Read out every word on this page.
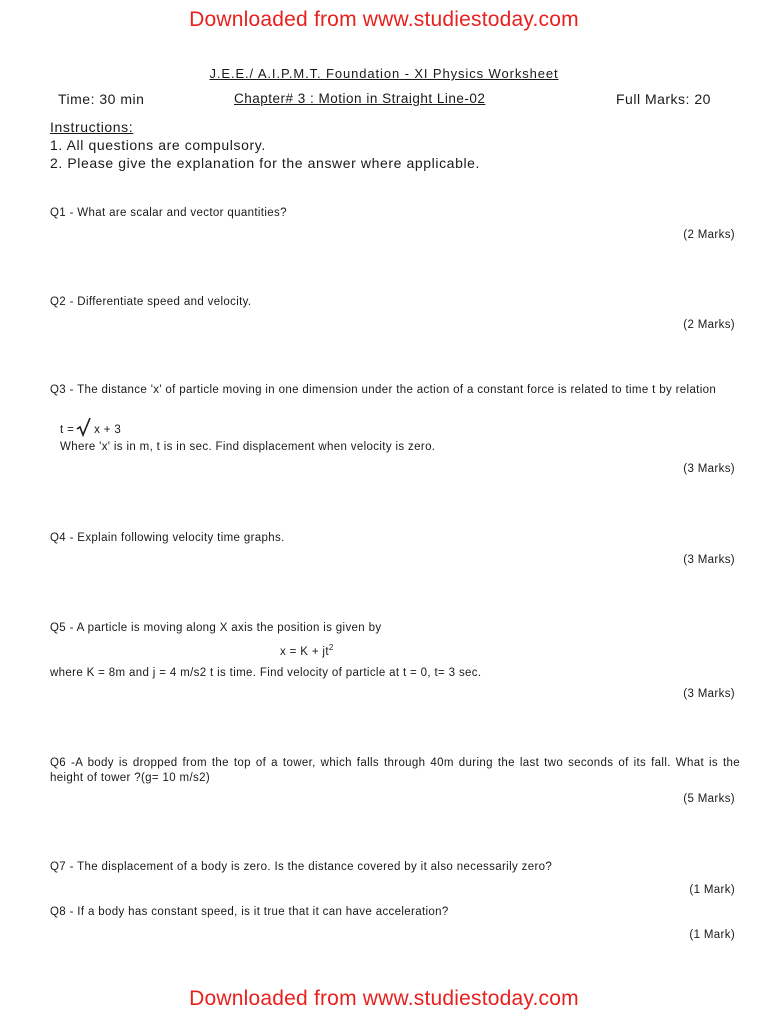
Downloaded from www.studiestoday.com
J.E.E./ A.I.P.M.T. Foundation - XI Physics Worksheet
Time: 30 min	Chapter# 3 : Motion in Straight Line-02	Full Marks: 20
Instructions:
1. All questions are compulsory.
2. Please give the explanation for the answer where applicable.
Q1 - What are scalar and vector quantities?
(2 Marks)
Q2 - Differentiate speed and velocity.
(2 Marks)
Q3 - The distance 'x' of particle moving in one dimension under the action of a constant force is related to time t by relation
t = x + 3
Where 'x' is in m, t is in sec. Find displacement when velocity is zero.
(3 Marks)
Q4 - Explain following velocity time graphs.
(3 Marks)
Q5 - A particle is moving along X axis the position is given by
$x = K + jt^2$
where K = 8m and j = 4 m/s2 t is time. Find velocity of particle at t = 0, t= 3 sec.
(3 Marks)
Q6 -A body is dropped from the top of a tower, which falls through 40m during the last two seconds of its fall. What is the height of tower ?(g= 10 m/s2)
(5 Marks)
Q7 - The displacement of a body is zero. Is the distance covered by it also necessarily zero?
(1 Mark)
Q8 - If a body has constant speed, is it true that it can have acceleration?
(1 Mark)
Downloaded from www.studiestoday.com
